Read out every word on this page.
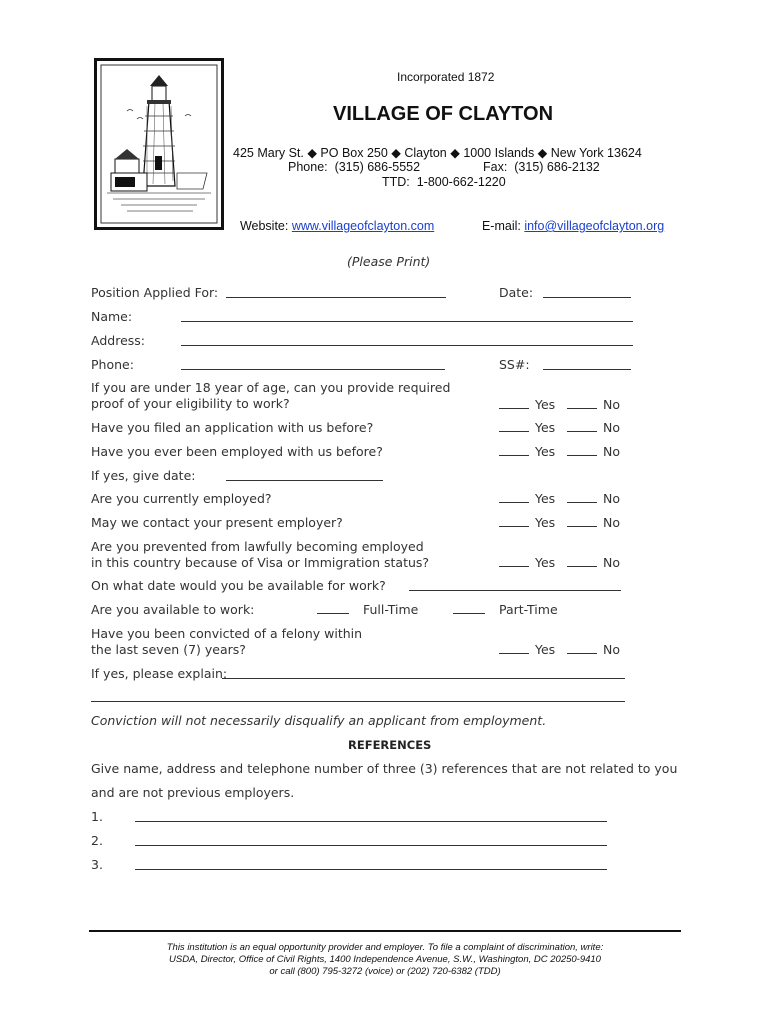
Incorporated 1872
VILLAGE OF CLAYTON
425 Mary St. ◆ PO Box 250 ◆ Clayton ◆ 1000 Islands ◆ New York 13624
Phone:  (315) 686-5552	Fax:  (315) 686-2132
TTD:  1-800-662-1220

Website: www.villageofclayton.com	E-mail: info@villageofclayton.org

(Please Print)
Position Applied For:	Date:
Name:
Address:
Phone:	SS#:
If you are under 18 year of age, can you provide required
proof of your eligibility to work?	Yes	No
Have you filed an application with us before?	Yes	No
Have you ever been employed with us before?	Yes	No
If yes, give date:
Are you currently employed?	Yes	No
May we contact your present employer?	Yes	No
Are you prevented from lawfully becoming employed
in this country because of Visa or Immigration status?	Yes	No
On what date would you be available for work?
Are you available to work:	Full-Time	Part-Time
Have you been convicted of a felony within
the last seven (7) years?	Yes	No
If yes, please explain:
Conviction will not necessarily disqualify an applicant from employment.
REFERENCES
Give name, address and telephone number of three (3) references that are not related to you
and are not previous employers.
1.
2.
3.
This institution is an equal opportunity provider and employer. To file a complaint of discrimination, write:
USDA, Director, Office of Civil Rights, 1400 Independence Avenue, S.W., Washington, DC 20250-9410
or call (800) 795-3272 (voice) or (202) 720-6382 (TDD)
